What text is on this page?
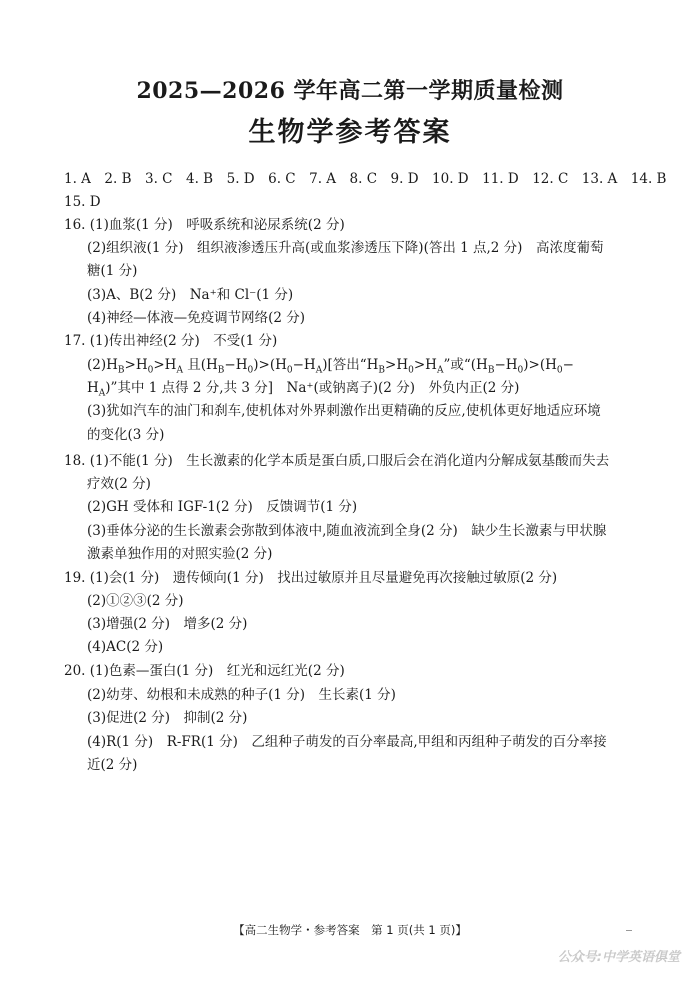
2025—2026 学年高二第一学期质量检测
生物学参考答案
1. A　2. B　3. C　4. B　5. D　6. C　7. A　8. C　9. D　10. D　11. D　12. C　13. A　14. B
15. D
16. (1)血浆(1 分)　呼吸系统和泌尿系统(2 分)
(2)组织液(1 分)　组织液渗透压升高(或血浆渗透压下降)(答出 1 点,2 分)　高浓度葡萄
糖(1 分)
(3)A、B(2 分)　Na⁺和 Cl⁻(1 分)
(4)神经—体液—免疫调节网络(2 分)
17. (1)传出神经(2 分)　不受(1 分)
$(2)H_B>H_0>H_A$ 且$(H_B-H_0)>(H_0-H_A)$[答出“$H_B>H_0>H_A$”或“$(H_B-H_0)>(H_0-$
$H_A$)”其中 1 点得 2 分,共 3 分]　Na⁺(或钠离子)(2 分)　外负内正(2 分)
(3)犹如汽车的油门和刹车,使机体对外界刺激作出更精确的反应,使机体更好地适应环境
的变化(3 分)
18. (1)不能(1 分)　生长激素的化学本质是蛋白质,口服后会在消化道内分解成氨基酸而失去
疗效(2 分)
(2)GH 受体和 IGF-1(2 分)　反馈调节(1 分)
(3)垂体分泌的生长激素会弥散到体液中,随血液流到全身(2 分)　缺少生长激素与甲状腺
激素单独作用的对照实验(2 分)
19. (1)会(1 分)　遗传倾向(1 分)　找出过敏原并且尽量避免再次接触过敏原(2 分)
(2)①②③(2 分)
(3)增强(2 分)　增多(2 分)
(4)AC(2 分)
20. (1)色素—蛋白(1 分)　红光和远红光(2 分)
(2)幼芽、幼根和未成熟的种子(1 分)　生长素(1 分)
(3)促进(2 分)　抑制(2 分)
(4)R(1 分)　R-FR(1 分)　乙组种子萌发的百分率最高,甲组和丙组种子萌发的百分率接
近(2 分)
【高二生物学・参考答案　第 1 页(共 1 页)】
公众号:中学英语俱堂
